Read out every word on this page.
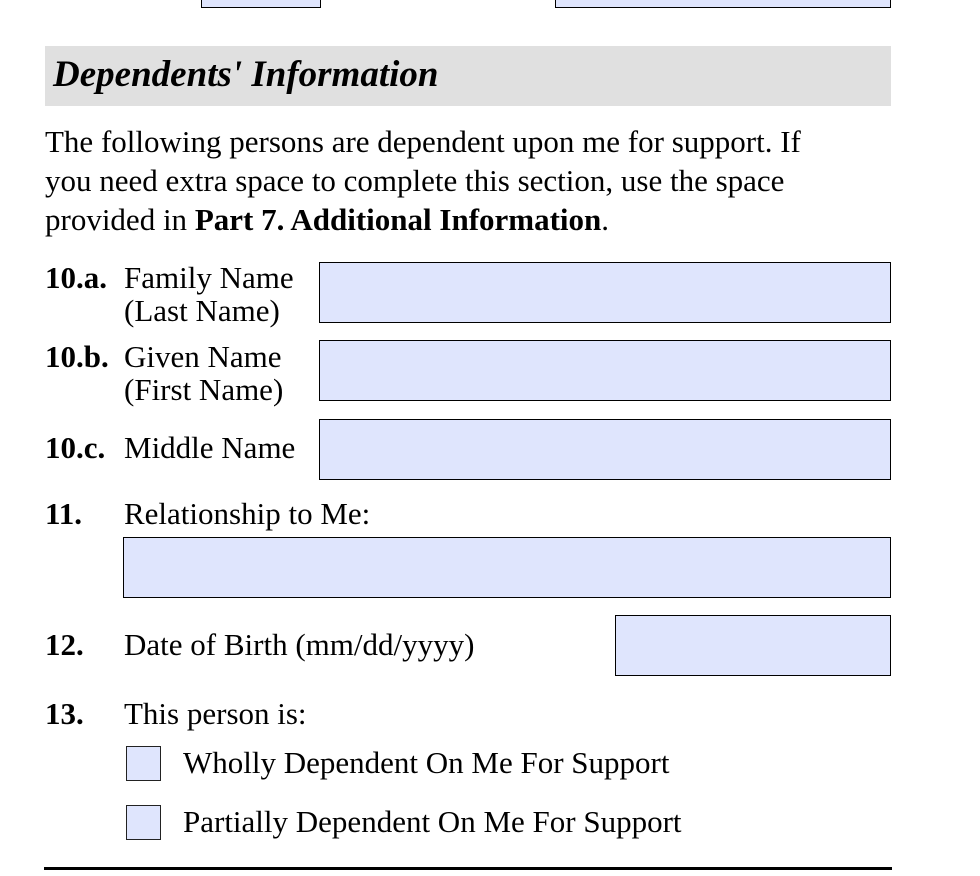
Dependents' Information
The following persons are dependent upon me for support. If
you need extra space to complete this section, use the space
provided in Part 7. Additional Information.
10.a. Family Name
(Last Name)
10.b. Given Name
(First Name)
10.c. Middle Name
11. Relationship to Me:
12. Date of Birth (mm/dd/yyyy)
13. This person is:
Wholly Dependent On Me For Support
Partially Dependent On Me For Support
